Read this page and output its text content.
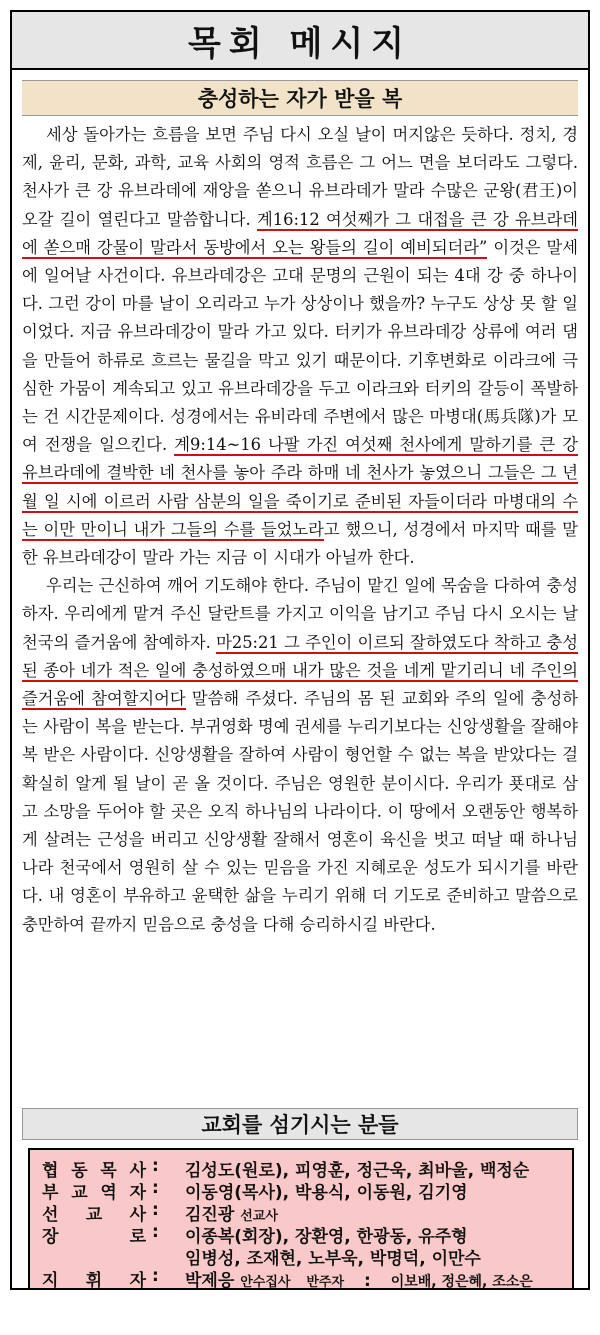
목회 메시지
충성하는 자가 받을 복

세상 돌아가는 흐름을 보면 주님 다시 오실 날이 머지않은 듯하다. 정치, 경제, 윤리, 문화, 과학, 교육 사회의 영적 흐름은 그 어느 면을 보더라도 그렇다. 천사가 큰 강 유브라데에 재앙을 쏟으니 유브라데가 말라 수많은 군왕(君王)이 오갈 길이 열린다고 말씀합니다. 계16:12 여섯째가 그 대접을 큰 강 유브라데에 쏟으매 강물이 말라서 동방에서 오는 왕들의 길이 예비되더라” 이것은 말세에 일어날 사건이다. 유브라데강은 고대 문명의 근원이 되는 4대 강 중 하나이다. 그런 강이 마를 날이 오리라고 누가 상상이나 했을까? 누구도 상상 못 할 일이었다. 지금 유브라데강이 말라 가고 있다. 터키가 유브라데강 상류에 여러 댐을 만들어 하류로 흐르는 물길을 막고 있기 때문이다. 기후변화로 이라크에 극심한 가뭄이 계속되고 있고 유브라데강을 두고 이라크와 터키의 갈등이 폭발하는 건 시간문제이다. 성경에서는 유비라데 주변에서 많은 마병대(馬兵隊)가 모여 전쟁을 일으킨다. 계9:14~16 나팔 가진 여섯째 천사에게 말하기를 큰 강 유브라데에 결박한 네 천사를 놓아 주라 하매 네 천사가 놓였으니 그들은 그 년 월 일 시에 이르러 사람 삼분의 일을 죽이기로 준비된 자들이더라 마병대의 수는 이만 만이니 내가 그들의 수를 들었노라고 했으니, 성경에서 마지막 때를 말한 유브라데강이 말라 가는 지금 이 시대가 아닐까 한다.

우리는 근신하여 깨어 기도해야 한다. 주님이 맡긴 일에 목숨을 다하여 충성하자. 우리에게 맡겨 주신 달란트를 가지고 이익을 남기고 주님 다시 오시는 날 천국의 즐거움에 참예하자. 마25:21 그 주인이 이르되 잘하였도다 착하고 충성된 종아 네가 적은 일에 충성하였으매 내가 많은 것을 네게 맡기리니 네 주인의 즐거움에 참여할지어다 말씀해 주셨다. 주님의 몸 된 교회와 주의 일에 충성하는 사람이 복을 받는다. 부귀영화 명예 권세를 누리기보다는 신앙생활을 잘해야 복 받은 사람이다. 신앙생활을 잘하여 사람이 형언할 수 없는 복을 받았다는 걸 확실히 알게 될 날이 곧 올 것이다. 주님은 영원한 분이시다. 우리가 푯대로 삼고 소망을 두어야 할 곳은 오직 하나님의 나라이다. 이 땅에서 오랜동안 행복하게 살려는 근성을 버리고 신앙생활 잘해서 영혼이 육신을 벗고 떠날 때 하나님 나라 천국에서 영원히 살 수 있는 믿음을 가진 지혜로운 성도가 되시기를 바란다. 내 영혼이 부유하고 윤택한 삶을 누리기 위해 더 기도로 준비하고 말씀으로 충만하여 끝까지 믿음으로 충성을 다해 승리하시길 바란다.

교회를 섬기시는 분들
협 동 목 사 : 김성도(원로), 피영훈, 정근욱, 최바울, 백정순
부 교 역 자 : 이동영(목사), 박용식, 이동원, 김기영
선 교 사 : 김진광 선교사
장	로 : 이종복(회장), 장환영, 한광동, 유주형
임병성, 조재현, 노부욱, 박명덕, 이만수
지 휘 자 : 박제응 안수집사 반주자 : 이보배, 정은혜, 조소은
